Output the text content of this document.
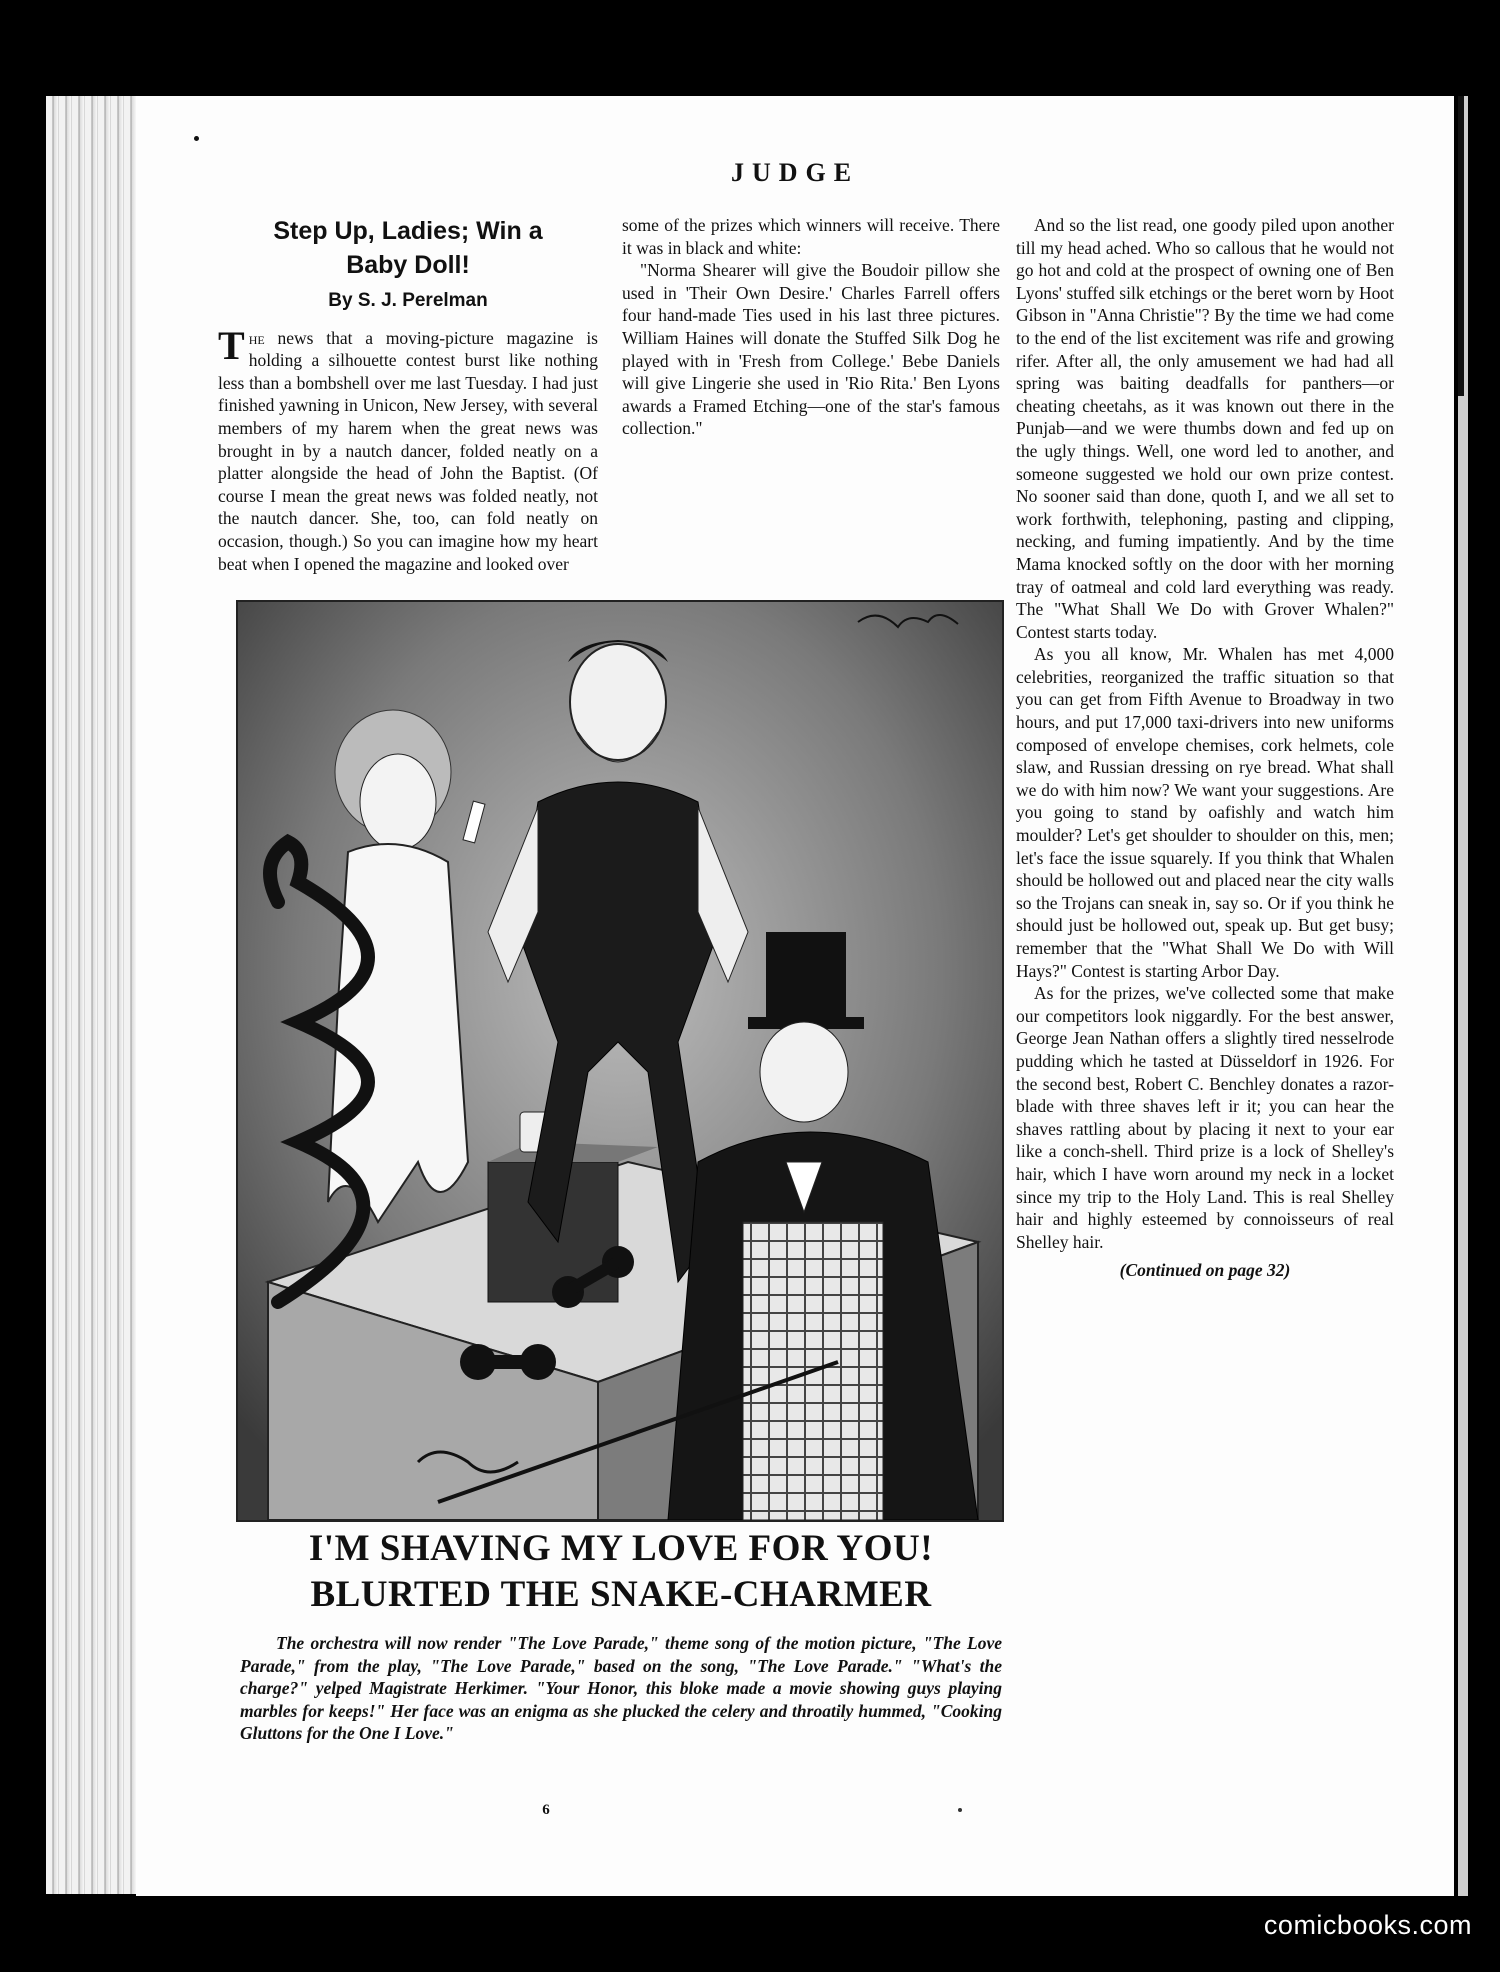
JUDGE
Step Up, Ladies; Win a
Baby Doll!
By S. J. Perelman

The news that a moving-picture magazine is holding a silhouette contest burst like nothing less than a bombshell over me last Tuesday. I had just finished yawning in Unicon, New Jersey, with several members of my harem when the great news was brought in by a nautch dancer, folded neatly on a platter alongside the head of John the Baptist. (Of course I mean the great news was folded neatly, not the nautch dancer. She, too, can fold neatly on occasion, though.) So you can imagine how my heart beat when I opened the magazine and looked over

some of the prizes which winners will receive. There it was in black and white:

"Norma Shearer will give the Boudoir pillow she used in 'Their Own Desire.' Charles Farrell offers four hand-made Ties used in his last three pictures. William Haines will donate the Stuffed Silk Dog he played with in 'Fresh from College.' Bebe Daniels will give Lingerie she used in 'Rio Rita.' Ben Lyons awards a Framed Etching—one of the star's famous collection."

And so the list read, one goody piled upon another till my head ached. Who so callous that he would not go hot and cold at the prospect of owning one of Ben Lyons' stuffed silk etchings or the beret worn by Hoot Gibson in "Anna Christie"? By the time we had come to the end of the list excitement was rife and growing rifer. After all, the only amusement we had had all spring was baiting deadfalls for panthers—or cheating cheetahs, as it was known out there in the Punjab—and we were thumbs down and fed up on the ugly things. Well, one word led to another, and someone suggested we hold our own prize contest. No sooner said than done, quoth I, and we all set to work forthwith, telephoning, pasting and clipping, necking, and fuming impatiently. And by the time Mama knocked softly on the door with her morning tray of oatmeal and cold lard everything was ready. The "What Shall We Do with Grover Whalen?" Contest starts today.

As you all know, Mr. Whalen has met 4,000 celebrities, reorganized the traffic situation so that you can get from Fifth Avenue to Broadway in two hours, and put 17,000 taxi-drivers into new uniforms composed of envelope chemises, cork helmets, cole slaw, and Russian dressing on rye bread. What shall we do with him now? We want your suggestions. Are you going to stand by oafishly and watch him moulder? Let's get shoulder to shoulder on this, men; let's face the issue squarely. If you think that Whalen should be hollowed out and placed near the city walls so the Trojans can sneak in, say so. Or if you think he should just be hollowed out, speak up. But get busy; remember that the "What Shall We Do with Will Hays?" Contest is starting Arbor Day.

As for the prizes, we've collected some that make our competitors look niggardly. For the best answer, George Jean Nathan offers a slightly tired nesselrode pudding which he tasted at Düsseldorf in 1926. For the second best, Robert C. Benchley donates a razor-blade with three shaves left ir it; you can hear the shaves rattling about by placing it next to your ear like a conch-shell. Third prize is a lock of Shelley's hair, which I have worn around my neck in a locket since my trip to the Holy Land. This is real Shelley hair and highly esteemed by connoisseurs of real Shelley hair.

(Continued on page 32)
I'M SHAVING MY LOVE FOR YOU!
BLURTED THE SNAKE-CHARMER

The orchestra will now render "The Love Parade," theme song of the motion picture, "The Love Parade," from the play, "The Love Parade," based on the song, "The Love Parade." "What's the charge?" yelped Magistrate Herkimer. "Your Honor, this bloke made a movie showing guys playing marbles for keeps!" Her face was an enigma as she plucked the celery and throatily hummed, "Cooking Gluttons for the One I Love."

6
comicbooks.com
